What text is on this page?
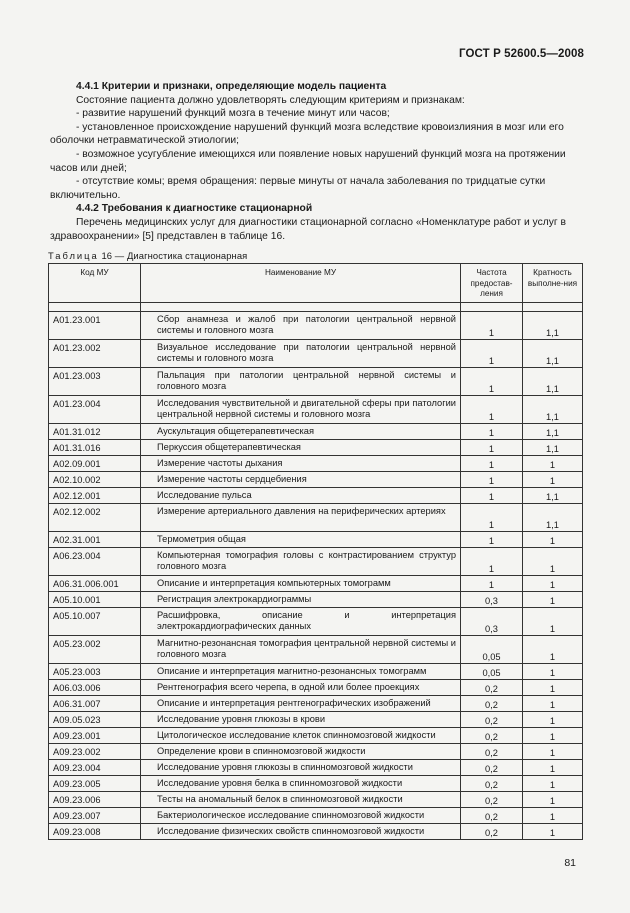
ГОСТ Р 52600.5—2008

4.4.1 Критерии и признаки, определяющие модель пациента

Состояние пациента должно удовлетворять следующим критериям и признакам:

- развитие нарушений функций мозга в течение минут или часов;

- установленное происхождение нарушений функций мозга вследствие кровоизлияния в мозг или его оболочки нетравматической этиологии;

- возможное усугубление имеющихся или появление новых нарушений функций мозга на протяжении часов или дней;

- отсутствие комы; время обращения: первые минуты от начала заболевания по тридцатые сутки включительно.

4.4.2 Требования к диагностике стационарной

Перечень медицинских услуг для диагностики стационарной согласно «Номенклатуре работ и услуг в здравоохранении» [5] представлен в таблице 16.

Таблица 16 — Диагностика стационарная
Код МУ	Наименование МУ	Частота предостав-ления	Кратность выполне-ния

A01.23.001	Сбор анамнеза и жалоб при патологии центральной нервной системы и головного мозга	1	1,1
A01.23.002	Визуальное исследование при патологии центральной нервной системы и головного мозга	1	1,1
A01.23.003	Пальпация при патологии центральной нервной системы и головного мозга	1	1,1
A01.23.004	Исследования чувствительной и двигательной сферы при патологии центральной нервной системы и головного мозга	1	1,1
A01.31.012	Аускультация общетерапевтическая	1	1,1
A01.31.016	Перкуссия общетерапевтическая	1	1,1
A02.09.001	Измерение частоты дыхания	1	1
A02.10.002	Измерение частоты сердцебиения	1	1
A02.12.001	Исследование пульса	1	1,1
A02.12.002	Измерение артериального давления на периферических артериях	1	1,1
A02.31.001	Термометрия общая	1	1
A06.23.004	Компьютерная томография головы с контрастированием структур головного мозга	1	1
A06.31.006.001	Описание и интерпретация компьютерных томограмм	1	1
A05.10.001	Регистрация электрокардиограммы	0,3	1
A05.10.007	Расшифровка, описание и интерпретация электрокардиографических данных	0,3	1
A05.23.002	Магнитно-резонансная томография центральной нервной системы и головного мозга	0,05	1
A05.23.003	Описание и интерпретация магнитно-резонансных томограмм	0,05	1
A06.03.006	Рентгенография всего черепа, в одной или более проекциях	0,2	1
A06.31.007	Описание и интерпретация рентгенографических изображений	0,2	1
A09.05.023	Исследование уровня глюкозы в крови	0,2	1
A09.23.001	Цитологическое исследование клеток спинномозговой жидкости	0,2	1
A09.23.002	Определение крови в спинномозговой жидкости	0,2	1
A09.23.004	Исследование уровня глюкозы в спинномозговой жидкости	0,2	1
A09.23.005	Исследование уровня белка в спинномозговой жидкости	0,2	1
A09.23.006	Тесты на аномальный белок в спинномозговой жидкости	0,2	1
A09.23.007	Бактериологическое исследование спинномозговой жидкости	0,2	1
A09.23.008	Исследование физических свойств спинномозговой жидкости	0,2	1
81
